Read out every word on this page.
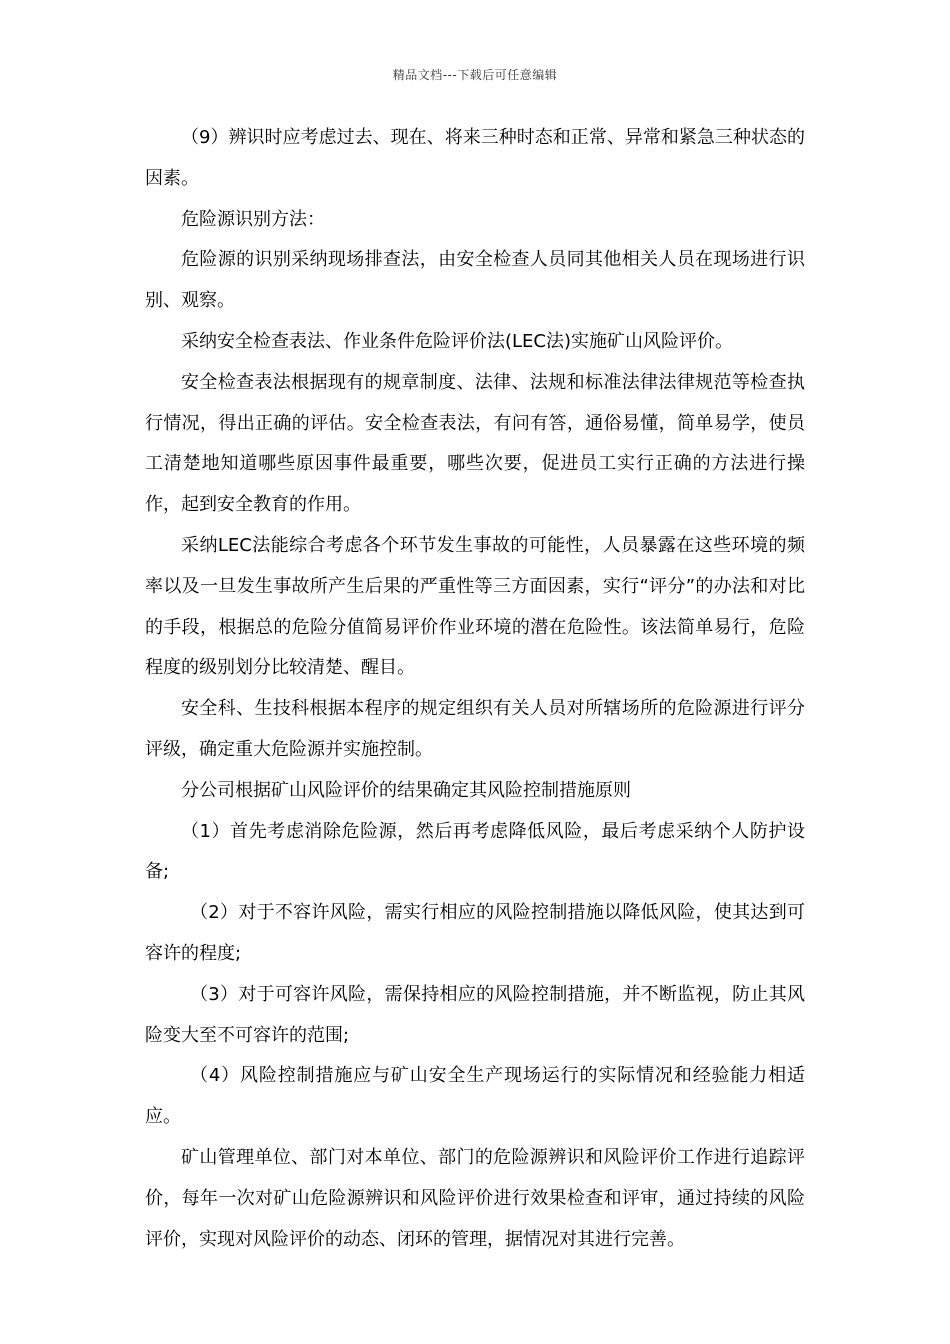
精品文档---下载后可任意编辑

（9）辨识时应考虑过去、现在、将来三种时态和正常、异常和紧急三种状态的因素。

危险源识别方法：

危险源的识别采纳现场排查法，由安全检查人员同其他相关人员在现场进行识别、观察。

采纳安全检查表法、作业条件危险评价法(LEC法)实施矿山风险评价。

安全检查表法根据现有的规章制度、法律、法规和标准法律法律规范等检查执行情况，得出正确的评估。安全检查表法，有问有答，通俗易懂，简单易学，使员工清楚地知道哪些原因事件最重要，哪些次要，促进员工实行正确的方法进行操作，起到安全教育的作用。

采纳LEC法能综合考虑各个环节发生事故的可能性，人员暴露在这些环境的频率以及一旦发生事故所产生后果的严重性等三方面因素，实行“评分”的办法和对比的手段，根据总的危险分值简易评价作业环境的潜在危险性。该法简单易行，危险程度的级别划分比较清楚、醒目。

安全科、生技科根据本程序的规定组织有关人员对所辖场所的危险源进行评分评级，确定重大危险源并实施控制。

分公司根据矿山风险评价的结果确定其风险控制措施原则

（1）首先考虑消除危险源，然后再考虑降低风险，最后考虑采纳个人防护设备;

（2）对于不容许风险，需实行相应的风险控制措施以降低风险，使其达到可容许的程度;

（3）对于可容许风险，需保持相应的风险控制措施，并不断监视，防止其风险变大至不可容许的范围;

（4）风险控制措施应与矿山安全生产现场运行的实际情况和经验能力相适应。

矿山管理单位、部门对本单位、部门的危险源辨识和风险评价工作进行追踪评价，每年一次对矿山危险源辨识和风险评价进行效果检查和评审，通过持续的风险评价，实现对风险评价的动态、闭环的管理，据情况对其进行完善。
